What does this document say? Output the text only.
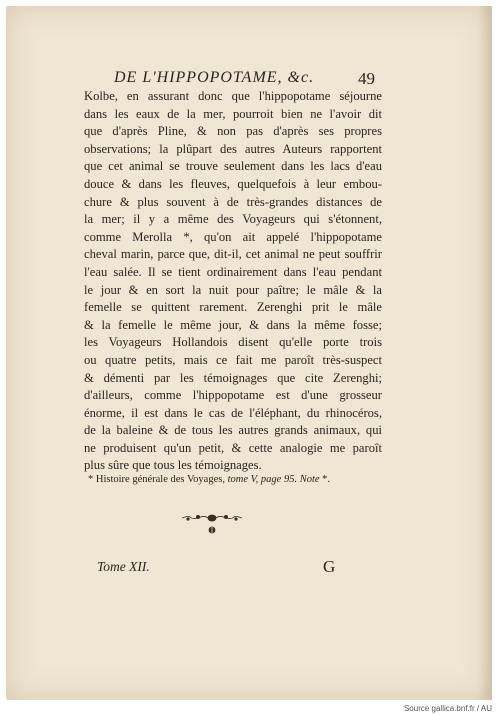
DE L'HIPPOPOTAME, &c.	49
Kolbe, en assurant donc que l'hippopotame séjourne
dans les eaux de la mer, pourroit bien ne l'avoir dit
que d'après Pline, & non pas d'après ses propres
observations; la plûpart des autres Auteurs rapportent
que cet animal se trouve seulement dans les lacs d'eau
douce & dans les fleuves, quelquefois à leur embou-
chure & plus souvent à de très-grandes distances de
la mer; il y a même des Voyageurs qui s'étonnent,
comme Merolla *, qu'on ait appelé l'hippopotame
cheval marin, parce que, dit-il, cet animal ne peut souffrir
l'eau salée. Il se tient ordinairement dans l'eau pendant
le jour & en sort la nuit pour paître; le mâle & la
femelle se quittent rarement. Zerenghi prit le mâle
& la femelle le même jour, & dans la même fosse;
les Voyageurs Hollandois disent qu'elle porte trois
ou quatre petits, mais ce fait me paroît très-suspect
& démenti par les témoignages que cite Zerenghi;
d'ailleurs, comme l'hippopotame est d'une grosseur
énorme, il est dans le cas de l'éléphant, du rhinocéros,
de la baleine & de tous les autres grands animaux, qui
ne produisent qu'un petit, & cette analogie me paroît
plus sûre que tous les témoignages.
* Histoire générale des Voyages, tome V, page 95. Note *.
Tome XII.	G
Source gallica.bnf.fr / AU
